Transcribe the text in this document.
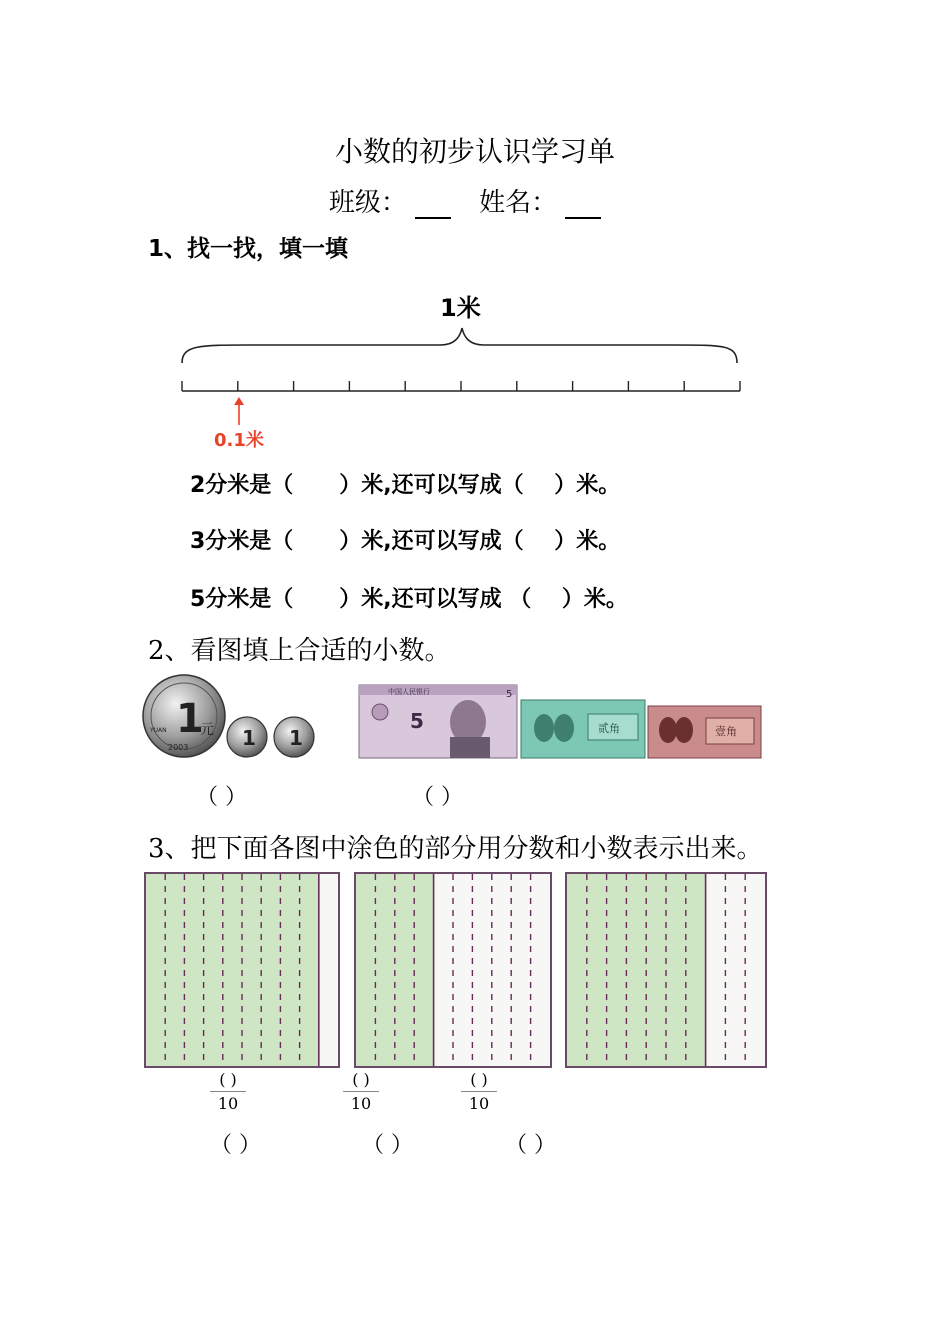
小数的初步认识学习单
班级：	姓名：
1、找一找，填一填
1米
0.1米
2分米是（      ）米,还可以写成（    ）米。
3分米是（      ）米,还可以写成（    ）米。
5分米是（      ）米,还可以写成 （    ）米。
2、看图填上合适的小数。
1
元
2003
YUAN	1 1
中国人民银行	5
5	贰角	壹角
（ ）	（ ）
3、把下面各图中涂色的部分用分数和小数表示出来。
( )
10
( )
10
( )
10
（ ）	（ ）	（ ）
